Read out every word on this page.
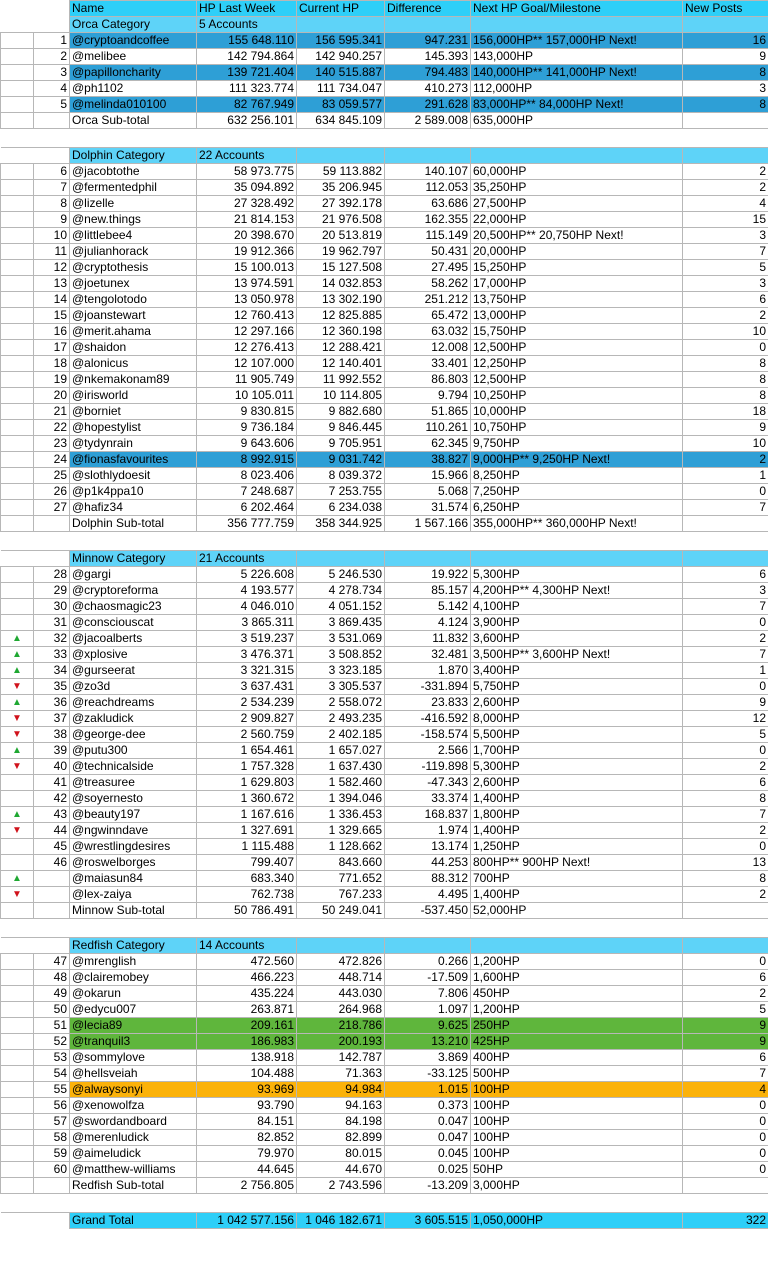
		Name	HP Last Week	Current HP	Difference	Next HP Goal/Milestone	New Posts
		Orca Category	5 Accounts				
	1	@cryptoandcoffee	155 648.110	156 595.341	947.231	156,000HP** 157,000HP Next!	16
	2	@melibee	142 794.864	142 940.257	145.393	143,000HP	9
	3	@papilloncharity	139 721.404	140 515.887	794.483	140,000HP** 141,000HP Next!	8
	4	@ph1102	111 323.774	111 734.047	410.273	112,000HP	3
	5	@melinda010100	82 767.949	83 059.577	291.628	83,000HP** 84,000HP Next!	8
		Orca Sub-total	632 256.101	634 845.109	2 589.008	635,000HP	

		Dolphin Category	22 Accounts				
	6	@jacobtothe	58 973.775	59 113.882	140.107	60,000HP	2
	7	@fermentedphil	35 094.892	35 206.945	112.053	35,250HP	2
	8	@lizelle	27 328.492	27 392.178	63.686	27,500HP	4
	9	@new.things	21 814.153	21 976.508	162.355	22,000HP	15
	10	@littlebee4	20 398.670	20 513.819	115.149	20,500HP** 20,750HP Next!	3
	11	@julianhorack	19 912.366	19 962.797	50.431	20,000HP	7
	12	@cryptothesis	15 100.013	15 127.508	27.495	15,250HP	5
	13	@joetunex	13 974.591	14 032.853	58.262	17,000HP	3
	14	@tengolotodo	13 050.978	13 302.190	251.212	13,750HP	6
	15	@joanstewart	12 760.413	12 825.885	65.472	13,000HP	2
	16	@merit.ahama	12 297.166	12 360.198	63.032	15,750HP	10
	17	@shaidon	12 276.413	12 288.421	12.008	12,500HP	0
	18	@alonicus	12 107.000	12 140.401	33.401	12,250HP	8
	19	@nkemakonam89	11 905.749	11 992.552	86.803	12,500HP	8
	20	@irisworld	10 105.011	10 114.805	9.794	10,250HP	8
	21	@borniet	9 830.815	9 882.680	51.865	10,000HP	18
	22	@hopestylist	9 736.184	9 846.445	110.261	10,750HP	9
	23	@tydynrain	9 643.606	9 705.951	62.345	9,750HP	10
	24	@fionasfavourites	8 992.915	9 031.742	38.827	9,000HP** 9,250HP Next!	2
	25	@slothlydoesit	8 023.406	8 039.372	15.966	8,250HP	1
	26	@p1k4ppa10	7 248.687	7 253.755	5.068	7,250HP	0
	27	@hafiz34	6 202.464	6 234.038	31.574	6,250HP	7
		Dolphin Sub-total	356 777.759	358 344.925	1 567.166	355,000HP** 360,000HP Next!	

		Minnow Category	21 Accounts				
	28	@gargi	5 226.608	5 246.530	19.922	5,300HP	6
	29	@cryptoreforma	4 193.577	4 278.734	85.157	4,200HP** 4,300HP Next!	3
	30	@chaosmagic23	4 046.010	4 051.152	5.142	4,100HP	7
	31	@consciouscat	3 865.311	3 869.435	4.124	3,900HP	0
▲	32	@jacoalberts	3 519.237	3 531.069	11.832	3,600HP	2
▲	33	@xplosive	3 476.371	3 508.852	32.481	3,500HP** 3,600HP Next!	7
▲	34	@gurseerat	3 321.315	3 323.185	1.870	3,400HP	1
▼	35	@zo3d	3 637.431	3 305.537	-331.894	5,750HP	0
▲	36	@reachdreams	2 534.239	2 558.072	23.833	2,600HP	9
▼	37	@zakludick	2 909.827	2 493.235	-416.592	8,000HP	12
▼	38	@george-dee	2 560.759	2 402.185	-158.574	5,500HP	5
▲	39	@putu300	1 654.461	1 657.027	2.566	1,700HP	0
▼	40	@technicalside	1 757.328	1 637.430	-119.898	5,300HP	2
	41	@treasuree	1 629.803	1 582.460	-47.343	2,600HP	6
	42	@soyernesto	1 360.672	1 394.046	33.374	1,400HP	8
▲	43	@beauty197	1 167.616	1 336.453	168.837	1,800HP	7
▼	44	@ngwinndave	1 327.691	1 329.665	1.974	1,400HP	2
	45	@wrestlingdesires	1 115.488	1 128.662	13.174	1,250HP	0
	46	@roswelborges	799.407	843.660	44.253	800HP** 900HP Next!	13
▲		@maiasun84	683.340	771.652	88.312	700HP	8
▼		@lex-zaiya	762.738	767.233	4.495	1,400HP	2
		Minnow Sub-total	50 786.491	50 249.041	-537.450	52,000HP	

		Redfish Category	14 Accounts				
	47	@mrenglish	472.560	472.826	0.266	1,200HP	0
	48	@clairemobey	466.223	448.714	-17.509	1,600HP	6
	49	@okarun	435.224	443.030	7.806	450HP	2
	50	@edycu007	263.871	264.968	1.097	1,200HP	5
	51	@lecia89	209.161	218.786	9.625	250HP	9
	52	@tranquil3	186.983	200.193	13.210	425HP	9
	53	@sommylove	138.918	142.787	3.869	400HP	6
	54	@hellsveiah	104.488	71.363	-33.125	500HP	7
	55	@alwaysonyi	93.969	94.984	1.015	100HP	4
	56	@xenowolfza	93.790	94.163	0.373	100HP	0
	57	@swordandboard	84.151	84.198	0.047	100HP	0
	58	@merenludick	82.852	82.899	0.047	100HP	0
	59	@aimeludick	79.970	80.015	0.045	100HP	0
	60	@matthew-williams	44.645	44.670	0.025	50HP	0
		Redfish Sub-total	2 756.805	2 743.596	-13.209	3,000HP	

		Grand Total	1 042 577.156	1 046 182.671	3 605.515	1,050,000HP	322
